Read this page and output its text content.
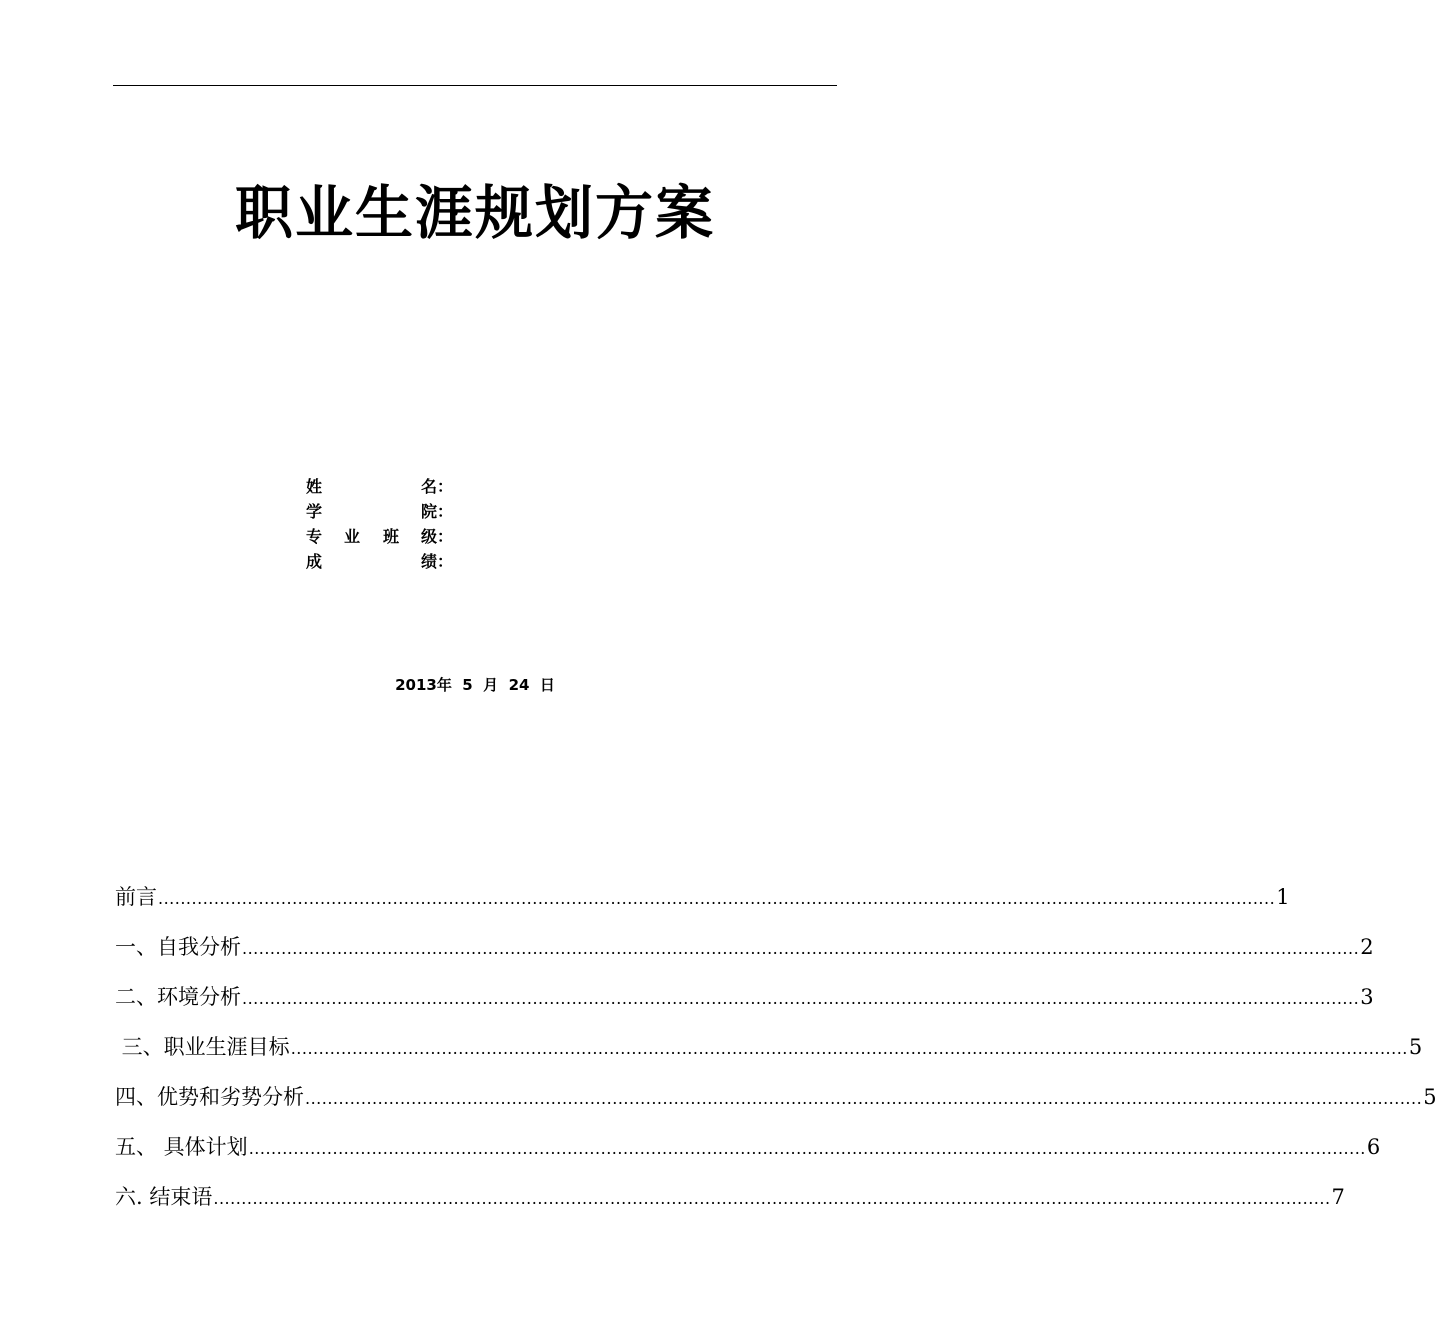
职业生涯规划方案
姓	名：
学	院：
专 业 班 级：
成	绩：
2013年  5  月  24  日
前言 ........................................................................................................................................................................................................ 1
一、自我分析 ........................................................................................................................................................................................................ 2
二、环境分析 ........................................................................................................................................................................................................ 3
三、职业生涯目标 ........................................................................................................................................................................................................ 5
四、优势和劣势分析 ........................................................................................................................................................................................................ 5
五、 具体计划 ........................................................................................................................................................................................................ 6
六. 结束语 ........................................................................................................................................................................................................ 7
